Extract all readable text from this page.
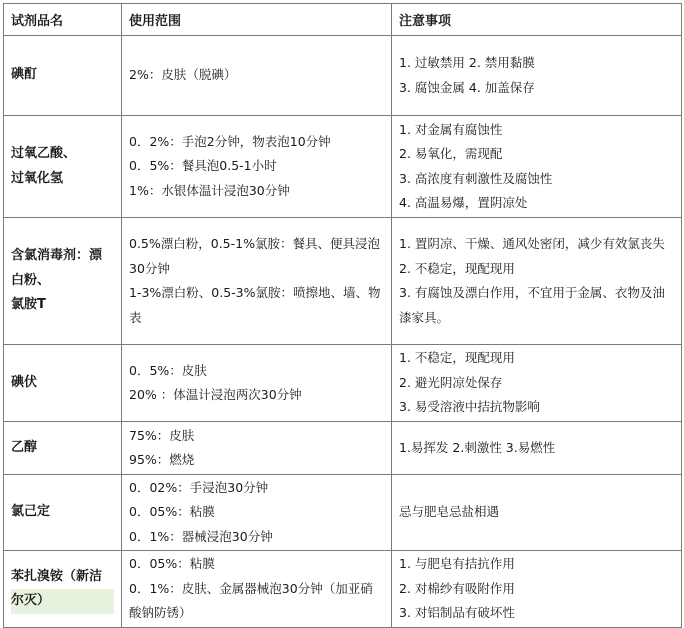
试剂品名	使用范围	注意事项

碘酊	2%：皮肤（脱碘）	1. 过敏禁用 2. 禁用黏膜
3. 腐蚀金属 4. 加盖保存

过氧乙酸、
过氧化氢	0．2%：手泡2分钟，物表泡10分钟
0．5%：餐具泡0.5-1小时
1%：水银体温计浸泡30分钟	1. 对金属有腐蚀性
2. 易氧化，需现配
3. 高浓度有刺激性及腐蚀性
4. 高温易爆，置阴凉处

含氯消毒剂：漂
白粉、
氯胺T	0.5%漂白粉，0.5-1%氯胺：餐具、便具浸泡30分钟
1-3%漂白粉、0.5-3%氯胺：喷擦地、墙、物表	1. 置阴凉、干燥、通风处密闭，减少有效氯丧失
2. 不稳定，现配现用
3. 有腐蚀及漂白作用，不宜用于金属、衣物及油漆家具。

碘伏	0．5%：皮肤
20% ：体温计浸泡两次30分钟	1. 不稳定，现配现用
2. 避光阴凉处保存
3. 易受溶液中拮抗物影响

乙醇	75%：皮肤
95%：燃烧	1.易挥发 2.刺激性 3.易燃性

氯己定	0．02%：手浸泡30分钟
0．05%：粘膜
0．1%：器械浸泡30分钟	忌与肥皂忌盐相遇

苯扎溴铵（新洁
尔灭）	0．05%：粘膜
0．1%：皮肤、金属器械泡30分钟（加亚硝酸钠防锈）	1. 与肥皂有拮抗作用
2. 对棉纱有吸附作用
3. 对铝制品有破坏性
